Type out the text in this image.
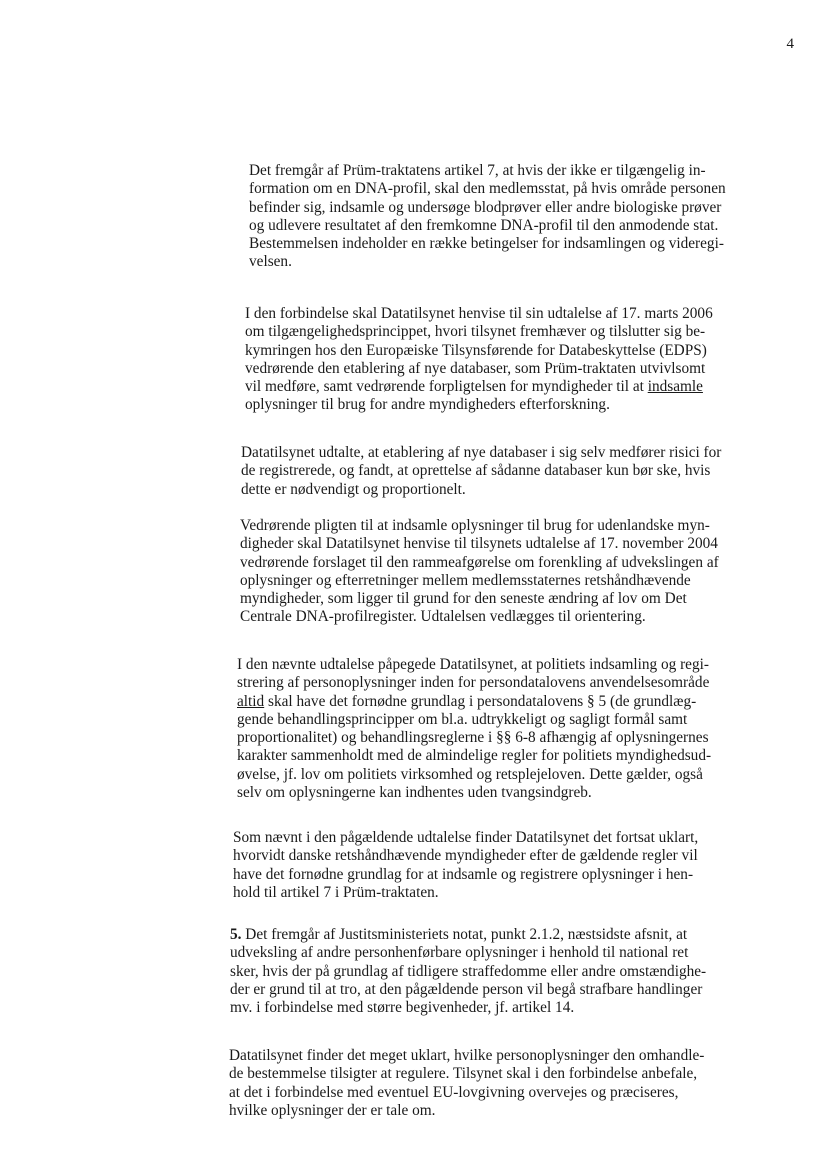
4

Det fremgår af Prüm-traktatens artikel 7, at hvis der ikke er tilgængelig in-
formation om en DNA-profil, skal den medlemsstat, på hvis område personen
befinder sig, indsamle og undersøge blodprøver eller andre biologiske prøver
og udlevere resultatet af den fremkomne DNA-profil til den anmodende stat.
Bestemmelsen indeholder en række betingelser for indsamlingen og videregi-
velsen.

I den forbindelse skal Datatilsynet henvise til sin udtalelse af 17. marts 2006
om tilgængelighedsprincippet, hvori tilsynet fremhæver og tilslutter sig be-
kymringen hos den Europæiske Tilsynsførende for Databeskyttelse (EDPS)
vedrørende den etablering af nye databaser, som Prüm-traktaten utvivlsomt
vil medføre, samt vedrørende forpligtelsen for myndigheder til at indsamle
oplysninger til brug for andre myndigheders efterforskning.

Datatilsynet udtalte, at etablering af nye databaser i sig selv medfører risici for
de registrerede, og fandt, at oprettelse af sådanne databaser kun bør ske, hvis
dette er nødvendigt og proportionelt.

Vedrørende pligten til at indsamle oplysninger til brug for udenlandske myn-
digheder skal Datatilsynet henvise til tilsynets udtalelse af 17. november 2004
vedrørende forslaget til den rammeafgørelse om forenkling af udvekslingen af
oplysninger og efterretninger mellem medlemsstaternes retshåndhævende
myndigheder, som ligger til grund for den seneste ændring af lov om Det
Centrale DNA-profilregister. Udtalelsen vedlægges til orientering.

I den nævnte udtalelse påpegede Datatilsynet, at politiets indsamling og regi-
strering af personoplysninger inden for persondatalovens anvendelsesområde
altid skal have det fornødne grundlag i persondatalovens § 5 (de grundlæg-
gende behandlingsprincipper om bl.a. udtrykkeligt og sagligt formål samt
proportionalitet) og behandlingsreglerne i §§ 6-8 afhængig af oplysningernes
karakter sammenholdt med de almindelige regler for politiets myndighedsud-
øvelse, jf. lov om politiets virksomhed og retsplejeloven. Dette gælder, også
selv om oplysningerne kan indhentes uden tvangsindgreb.

Som nævnt i den pågældende udtalelse finder Datatilsynet det fortsat uklart,
hvorvidt danske retshåndhævende myndigheder efter de gældende regler vil
have det fornødne grundlag for at indsamle og registrere oplysninger i hen-
hold til artikel 7 i Prüm-traktaten.

5. Det fremgår af Justitsministeriets notat, punkt 2.1.2, næstsidste afsnit, at
udveksling af andre personhenførbare oplysninger i henhold til national ret
sker, hvis der på grundlag af tidligere straffedomme eller andre omstændighe-
der er grund til at tro, at den pågældende person vil begå strafbare handlinger
mv. i forbindelse med større begivenheder, jf. artikel 14.

Datatilsynet finder det meget uklart, hvilke personoplysninger den omhandle-
de bestemmelse tilsigter at regulere. Tilsynet skal i den forbindelse anbefale,
at det i forbindelse med eventuel EU-lovgivning overvejes og præciseres,
hvilke oplysninger der er tale om.
